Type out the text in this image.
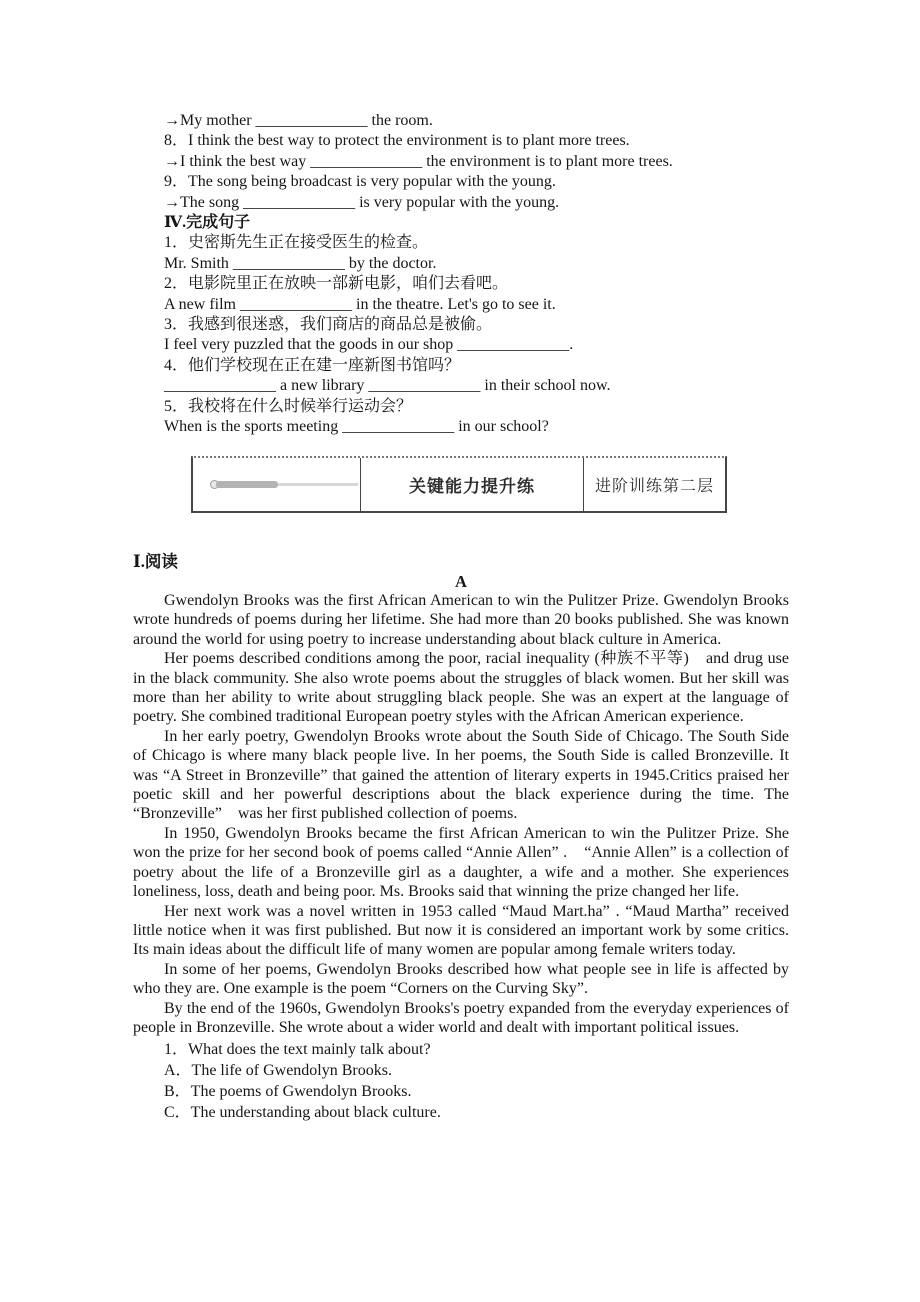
→My mother ______________ the room.
8．I think the best way to protect the environment is to plant more trees.
→I think the best way ______________ the environment is to plant more trees.
9．The song being broadcast is very popular with the young.
→The song ______________ is very popular with the young.
Ⅳ.完成句子
1．史密斯先生正在接受医生的检查。
Mr. Smith ______________ by the doctor.
2．电影院里正在放映一部新电影，咱们去看吧。
A new film ______________ in the theatre. Let's go to see it.
3．我感到很迷惑，我们商店的商品总是被偷。
I feel very puzzled that the goods in our shop ______________.
4．他们学校现在正在建一座新图书馆吗？
______________ a new library ______________ in their school now.
5．我校将在什么时候举行运动会？
When is the sports meeting ______________ in our school?
关键能力提升练	进阶训练第二层
Ⅰ.阅读
A

Gwendolyn Brooks was the first African American to win the Pulitzer Prize. Gwendolyn Brooks wrote hundreds of poems during her lifetime. She had more than 20 books published. She was known around the world for using poetry to increase understanding about black culture in America.

Her poems described conditions among the poor, racial inequality (种族不平等)　and drug use in the black community. She also wrote poems about the struggles of black women. But her skill was more than her ability to write about struggling black people. She was an expert at the language of poetry. She combined traditional European poetry styles with the African American experience.

In her early poetry, Gwendolyn Brooks wrote about the South Side of Chicago. The South Side of Chicago is where many black people live. In her poems, the South Side is called Bronzeville. It was “A Street in Bronzeville” that gained the attention of literary experts in 1945.Critics praised her poetic skill and her powerful descriptions about the black experience during the time. The “Bronzeville”　was her first published collection of poems.

In 1950, Gwendolyn Brooks became the first African American to win the Pulitzer Prize. She won the prize for her second book of poems called “Annie Allen” .　“Annie Allen” is a collection of poetry about the life of a Bronzeville girl as a daughter, a wife and a mother. She experiences loneliness, loss, death and being poor. Ms. Brooks said that winning the prize changed her life.

Her next work was a novel written in 1953 called “Maud Mart.ha” . “Maud Martha” received little notice when it was first published. But now it is considered an important work by some critics. Its main ideas about the difficult life of many women are popular among female writers today.

In some of her poems, Gwendolyn Brooks described how what people see in life is affected by who they are. One example is the poem “Corners on the Curving Sky”.

By the end of the 1960s, Gwendolyn Brooks's poetry expanded from the everyday experiences of people in Bronzeville. She wrote about a wider world and dealt with important political issues.

1．What does the text mainly talk about?
A．The life of Gwendolyn Brooks.
B．The poems of Gwendolyn Brooks.
C．The understanding about black culture.
